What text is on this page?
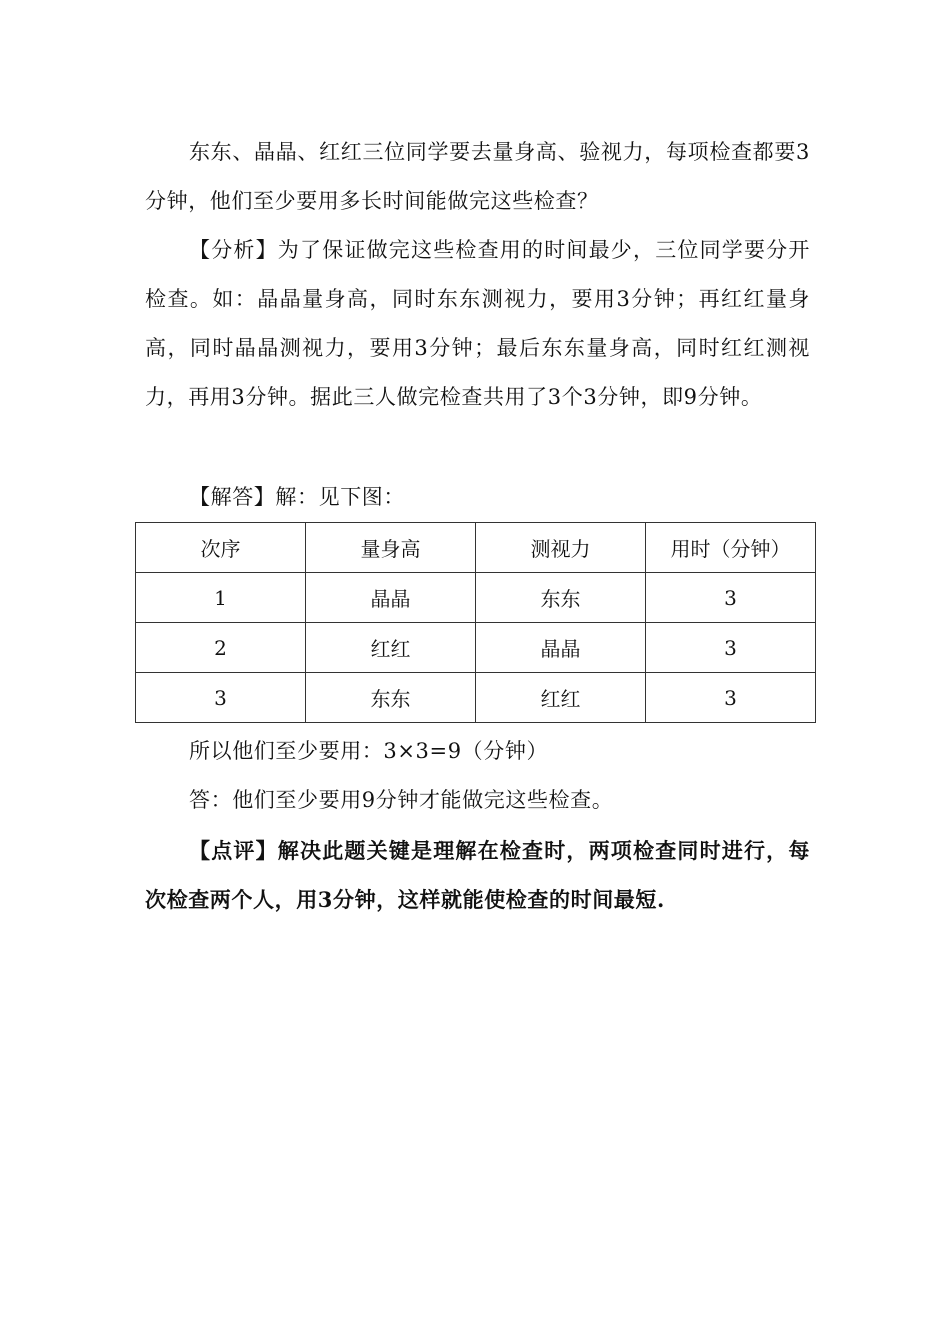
东东、晶晶、红红三位同学要去量身高、验视力，每项检查都要3分钟，他们至少要用多长时间能做完这些检查？

【分析】为了保证做完这些检查用的时间最少，三位同学要分开检查。如：晶晶量身高，同时东东测视力，要用3分钟；再红红量身高，同时晶晶测视力，要用3分钟；最后东东量身高，同时红红测视力，再用3分钟。据此三人做完检查共用了3个3分钟，即9分钟。

【解答】解：见下图：

次序	量身高	测视力	用时（分钟）
1	晶晶	东东	3
2	红红	晶晶	3
3	东东	红红	3

所以他们至少要用：3×3=9（分钟）

答：他们至少要用9分钟才能做完这些检查。

【点评】解决此题关键是理解在检查时，两项检查同时进行，每次检查两个人，用3分钟，这样就能使检查的时间最短.
